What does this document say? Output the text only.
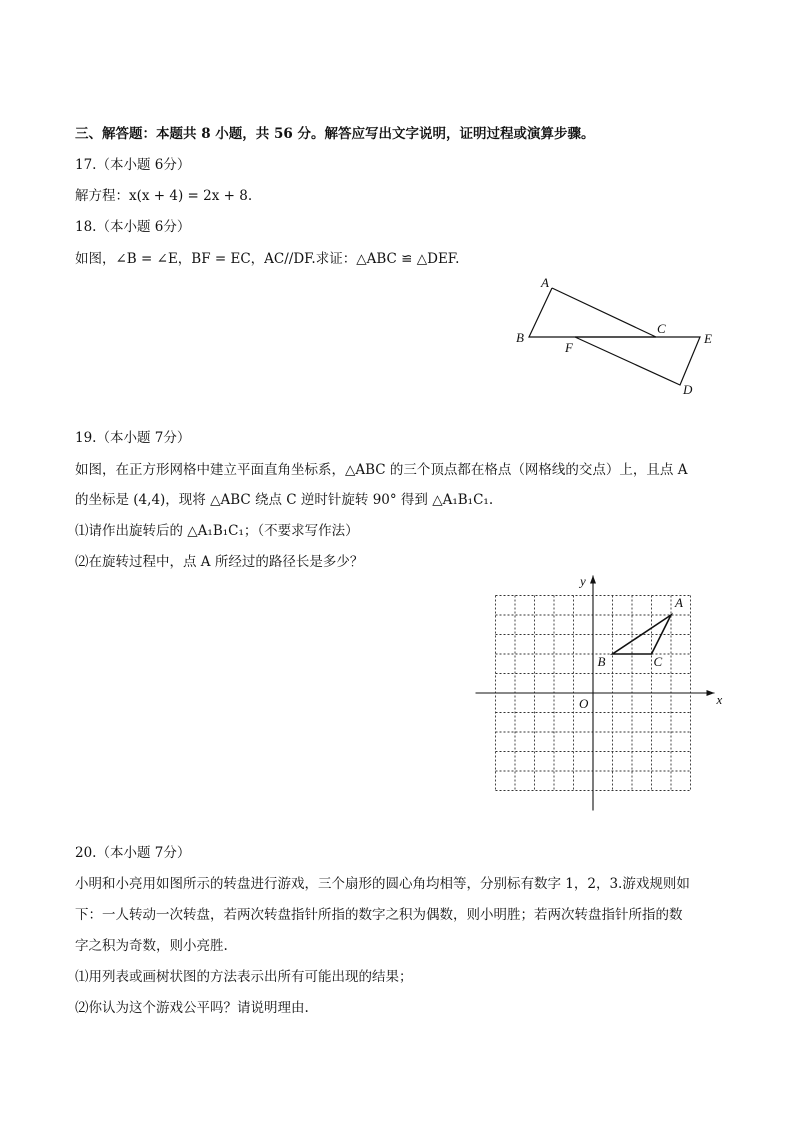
三、解答题：本题共 8 小题，共 56 分。解答应写出文字说明，证明过程或演算步骤。
17.（本小题 6分）
解方程：x(x + 4) = 2x + 8.
18.（本小题 6分）
如图，∠B = ∠E，BF = EC，AC//DF.求证：△ABC ≌ △DEF.
A
B
C
D
E
F
19.（本小题 7分）
如图，在正方形网格中建立平面直角坐标系，△ABC 的三个顶点都在格点（网格线的交点）上，且点 A
的坐标是 (4,4)，现将 △ABC 绕点 C 逆时针旋转 90° 得到 △A₁B₁C₁.
⑴请作出旋转后的 △A₁B₁C₁；（不要求写作法）
⑵在旋转过程中，点 A 所经过的路径长是多少？
x
y
O
A
B	C
20.（本小题 7分）
小明和小亮用如图所示的转盘进行游戏，三个扇形的圆心角均相等，分别标有数字 1，2，3.游戏规则如
下：一人转动一次转盘，若两次转盘指针所指的数字之积为偶数，则小明胜；若两次转盘指针所指的数
字之积为奇数，则小亮胜.
⑴用列表或画树状图的方法表示出所有可能出现的结果；
⑵你认为这个游戏公平吗？请说明理由.
